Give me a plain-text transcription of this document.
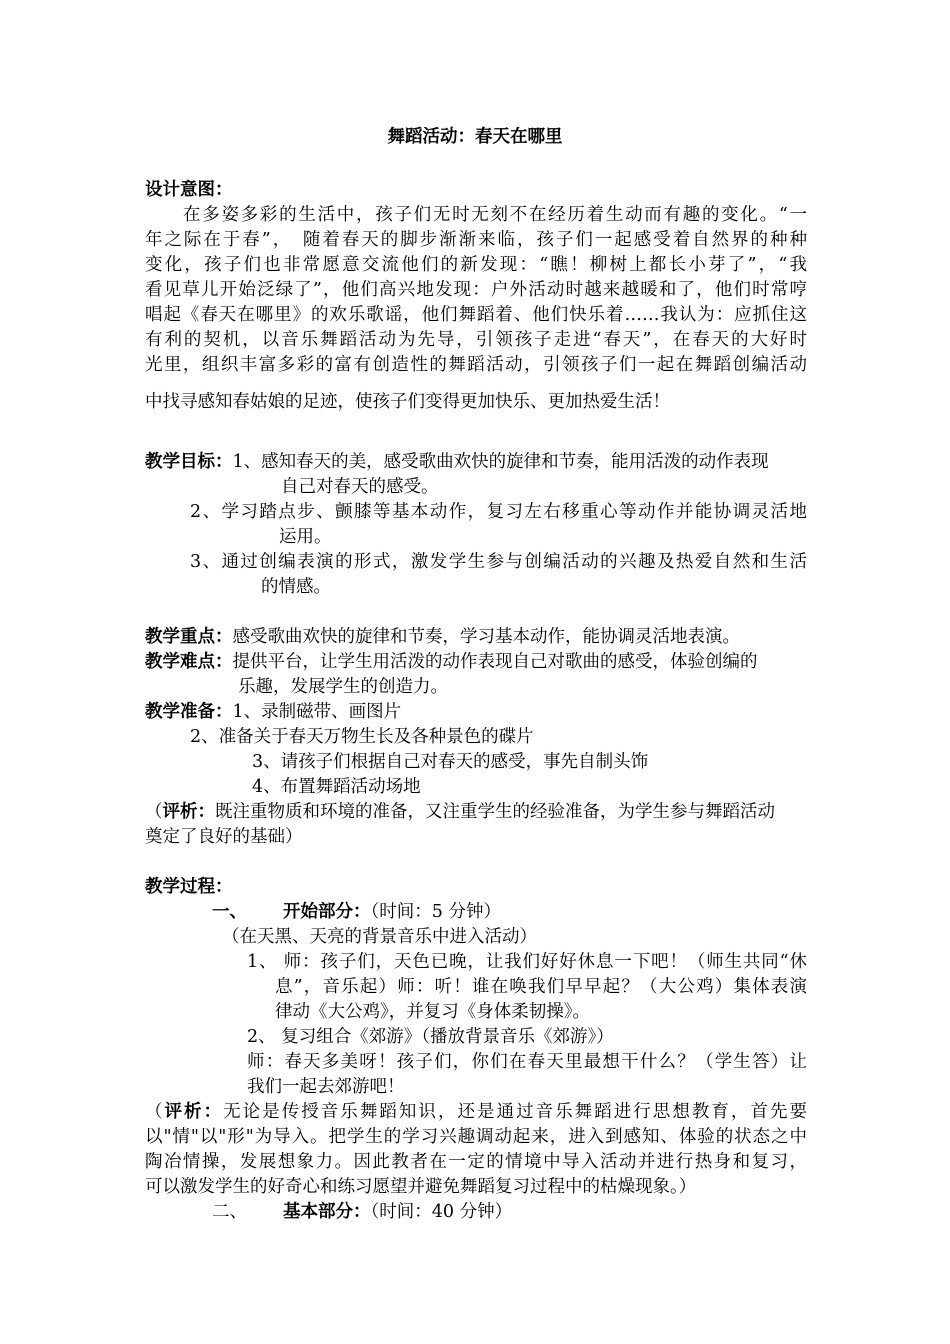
舞蹈活动：春天在哪里
设计意图：
在多姿多彩的生活中，孩子们无时无刻不在经历着生动而有趣的变化。“一
年之际在于春”，　随着春天的脚步渐渐来临，孩子们一起感受着自然界的种种
变化，孩子们也非常愿意交流他们的新发现：“瞧！柳树上都长小芽了”，“我
看见草儿开始泛绿了”，他们高兴地发现：户外活动时越来越暖和了，他们时常哼
唱起《春天在哪里》的欢乐歌谣，他们舞蹈着、他们快乐着……我认为：应抓住这
有利的契机，以音乐舞蹈活动为先导，引领孩子走进“春天”，在春天的大好时
光里，组织丰富多彩的富有创造性的舞蹈活动，引领孩子们一起在舞蹈创编活动
中找寻感知春姑娘的足迹，使孩子们变得更加快乐、更加热爱生活！
教学目标：1、感知春天的美，感受歌曲欢快的旋律和节奏，能用活泼的动作表现
自己对春天的感受。
2、学习踏点步、颤膝等基本动作，复习左右移重心等动作并能协调灵活地
运用。
3、通过创编表演的形式，激发学生参与创编活动的兴趣及热爱自然和生活
的情感。
教学重点：感受歌曲欢快的旋律和节奏，学习基本动作，能协调灵活地表演。
教学难点：提供平台，让学生用活泼的动作表现自己对歌曲的感受，体验创编的
乐趣，发展学生的创造力。
教学准备：1、录制磁带、画图片
2、准备关于春天万物生长及各种景色的碟片
3、请孩子们根据自己对春天的感受，事先自制头饰
4、布置舞蹈活动场地
（评析：既注重物质和环境的准备，又注重学生的经验准备，为学生参与舞蹈活动
奠定了良好的基础）
教学过程：
一、 开始部分：（时间：5 分钟）
（在天黑、天亮的背景音乐中进入活动）
1、 师：孩子们，天色已晚，让我们好好休息一下吧！（师生共同“休
息”，音乐起）师：听！谁在唤我们早早起？（大公鸡）集体表演
律动《大公鸡》，并复习《身体柔韧操》。
2、 复习组合《郊游》（播放背景音乐《郊游》）
师：春天多美呀！孩子们，你们在春天里最想干什么？（学生答）让
我们一起去郊游吧！
（评析：无论是传授音乐舞蹈知识，还是通过音乐舞蹈进行思想教育，首先要
以"情"以"形"为导入。把学生的学习兴趣调动起来，进入到感知、体验的状态之中
陶冶情操，发展想象力。因此教者在一定的情境中导入活动并进行热身和复习，
可以激发学生的好奇心和练习愿望并避免舞蹈复习过程中的枯燥现象。）
二、 基本部分：（时间：40 分钟）
